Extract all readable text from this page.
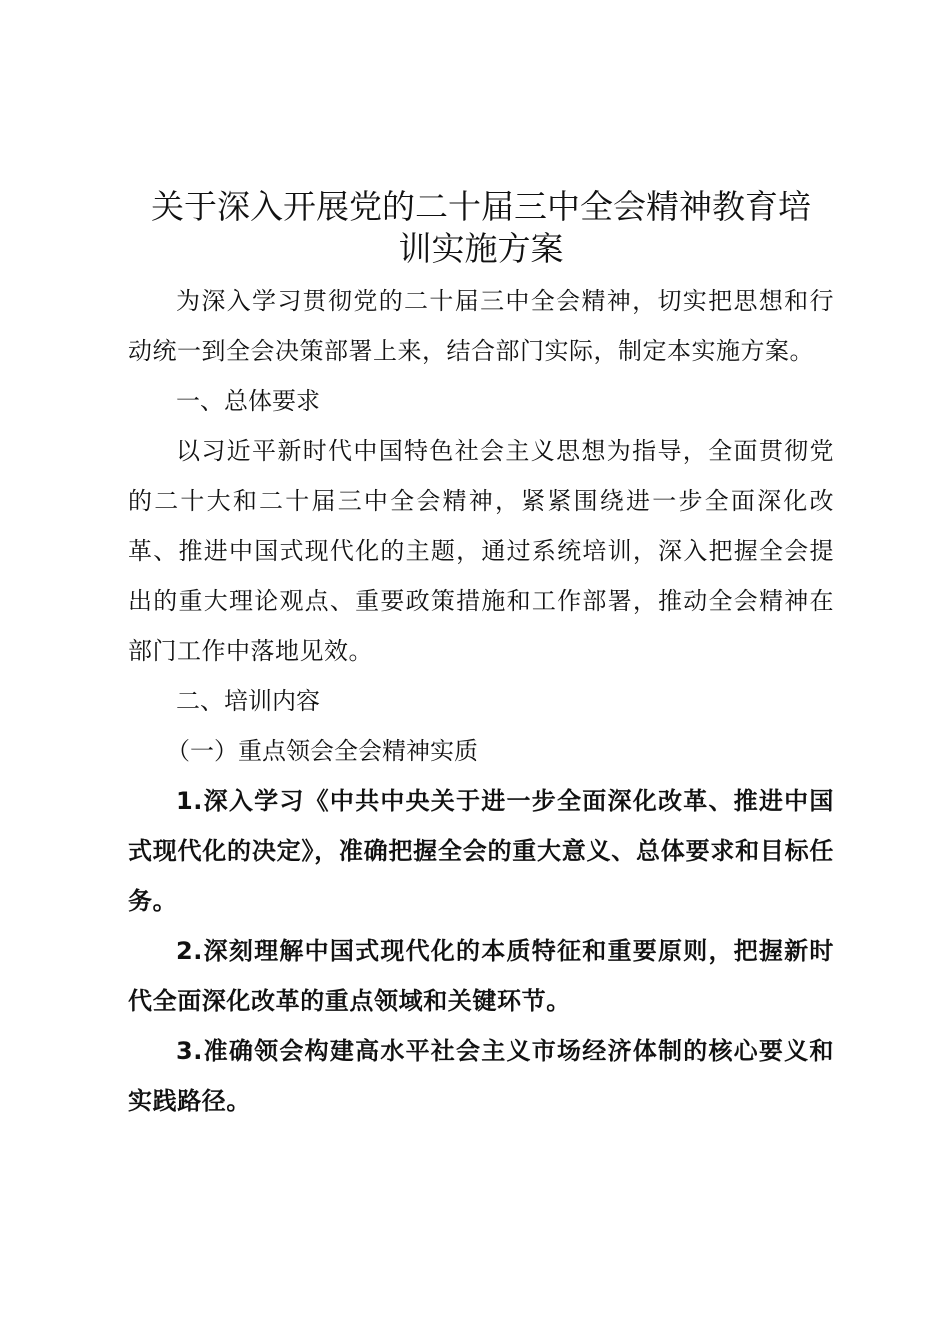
关于深入开展党的二十届三中全会精神教育培
训实施方案

为深入学习贯彻党的二十届三中全会精神，切实把思想和行动统一到全会决策部署上来，结合部门实际，制定本实施方案。

一、总体要求

以习近平新时代中国特色社会主义思想为指导，全面贯彻党的二十大和二十届三中全会精神，紧紧围绕进一步全面深化改革、推进中国式现代化的主题，通过系统培训，深入把握全会提出的重大理论观点、重要政策措施和工作部署，推动全会精神在部门工作中落地见效。

二、培训内容

（一）重点领会全会精神实质

1.深入学习《中共中央关于进一步全面深化改革、推进中国式现代化的决定》，准确把握全会的重大意义、总体要求和目标任务。

2.深刻理解中国式现代化的本质特征和重要原则，把握新时代全面深化改革的重点领域和关键环节。

3.准确领会构建高水平社会主义市场经济体制的核心要义和实践路径。
